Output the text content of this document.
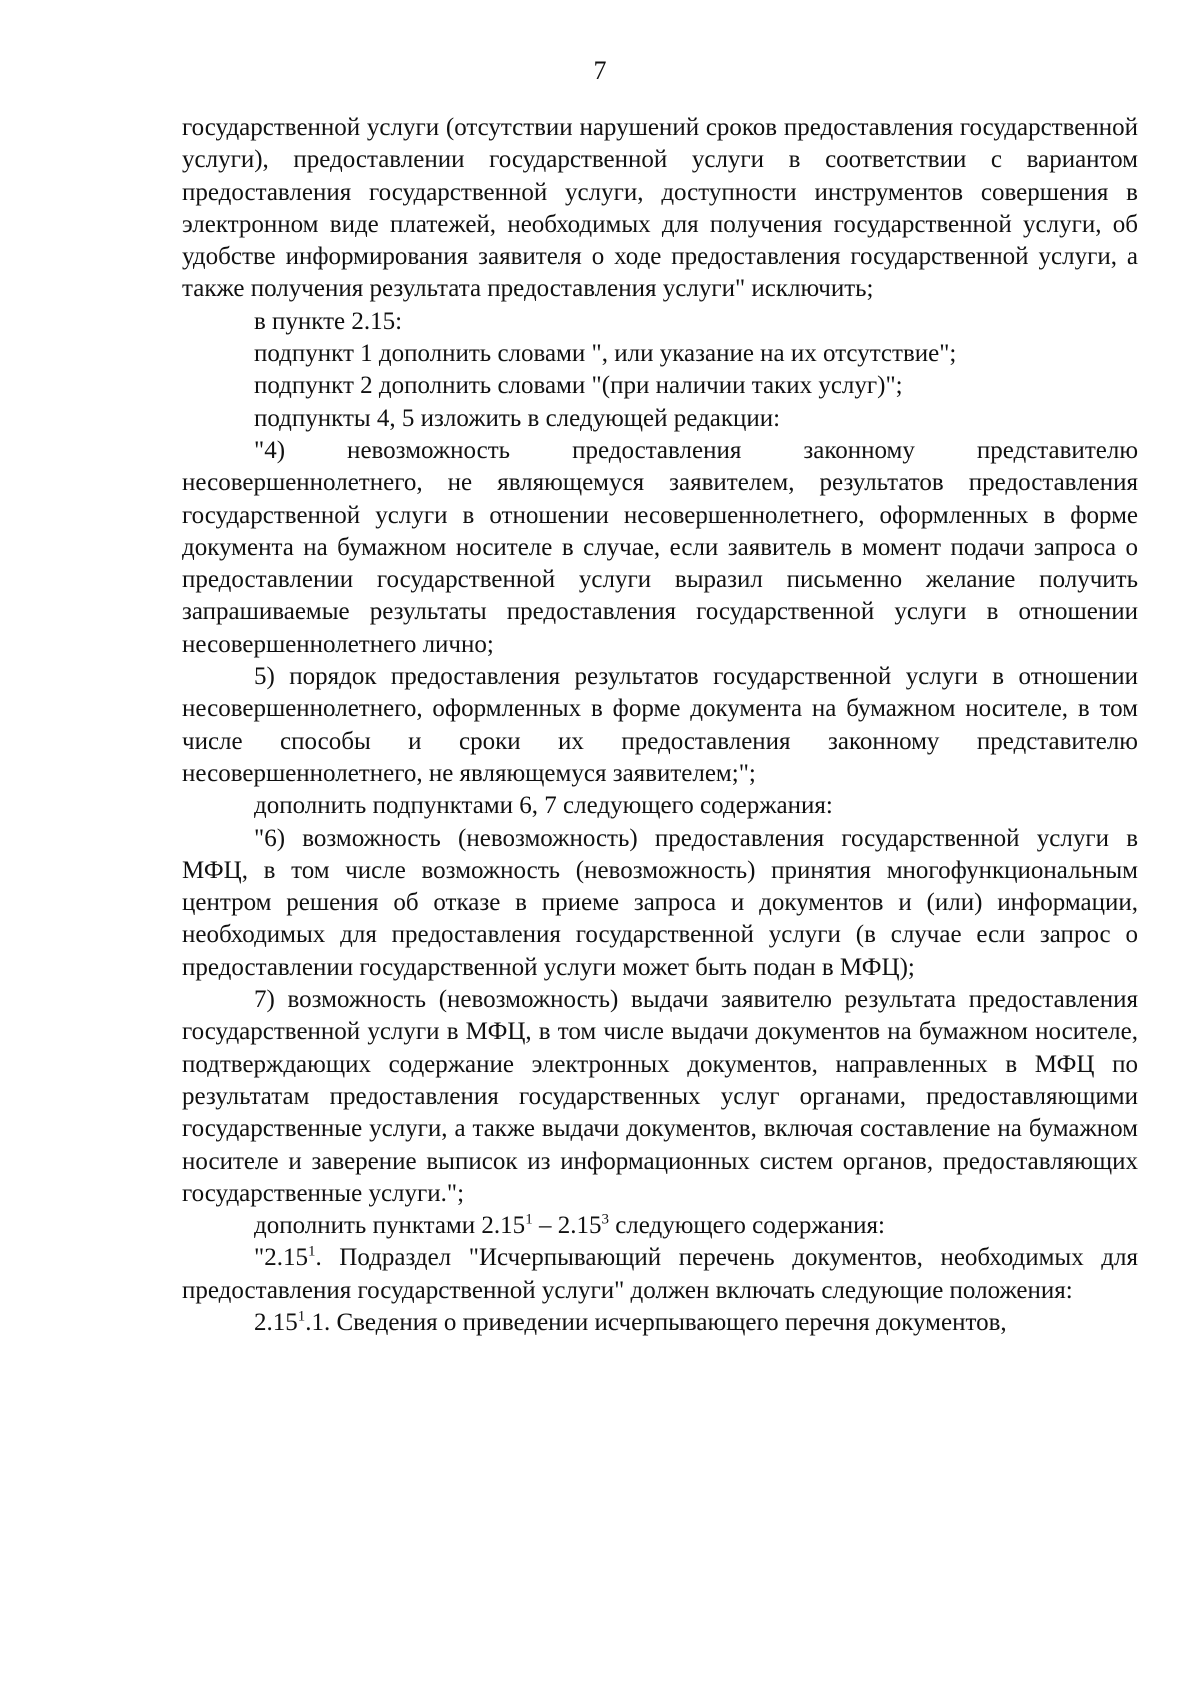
7

государственной услуги (отсутствии нарушений сроков предоставления государственной услуги), предоставлении государственной услуги в соответствии с вариантом предоставления государственной услуги, доступности инструментов совершения в электронном виде платежей, необходимых для получения государственной услуги, об удобстве информирования заявителя о ходе предоставления государственной услуги, а также получения результата предоставления услуги" исключить;

в пункте 2.15:

подпункт 1 дополнить словами ", или указание на их отсутствие";

подпункт 2 дополнить словами "(при наличии таких услуг)";

подпункты 4, 5 изложить в следующей редакции:

"4) невозможность предоставления законному представителю несовершеннолетнего, не являющемуся заявителем, результатов предоставления государственной услуги в отношении несовершеннолетнего, оформленных в форме документа на бумажном носителе в случае, если заявитель в момент подачи запроса о предоставлении государственной услуги выразил письменно желание получить запрашиваемые результаты предоставления государственной услуги в отношении несовершеннолетнего лично;

5) порядок предоставления результатов государственной услуги в отношении несовершеннолетнего, оформленных в форме документа на бумажном носителе, в том числе способы и сроки их предоставления законному представителю несовершеннолетнего, не являющемуся заявителем;";

дополнить подпунктами 6, 7 следующего содержания:

"6) возможность (невозможность) предоставления государственной услуги в МФЦ, в том числе возможность (невозможность) принятия многофункциональным центром решения об отказе в приеме запроса и документов и (или) информации, необходимых для предоставления государственной услуги (в случае если запрос о предоставлении государственной услуги может быть подан в МФЦ);

7) возможность (невозможность) выдачи заявителю результата предоставления государственной услуги в МФЦ, в том числе выдачи документов на бумажном носителе, подтверждающих содержание электронных документов, направленных в МФЦ по результатам предоставления государственных услуг органами, предоставляющими государственные услуги, а также выдачи документов, включая составление на бумажном носителе и заверение выписок из информационных систем органов, предоставляющих государственные услуги.";

дополнить пунктами 2.15$^1$ – 2.15$^3$ следующего содержания:

"2.15$^1$. Подраздел "Исчерпывающий перечень документов, необходимых для предоставления государственной услуги" должен включать следующие положения:

2.15$^1$.1. Сведения о приведении исчерпывающего перечня документов,
